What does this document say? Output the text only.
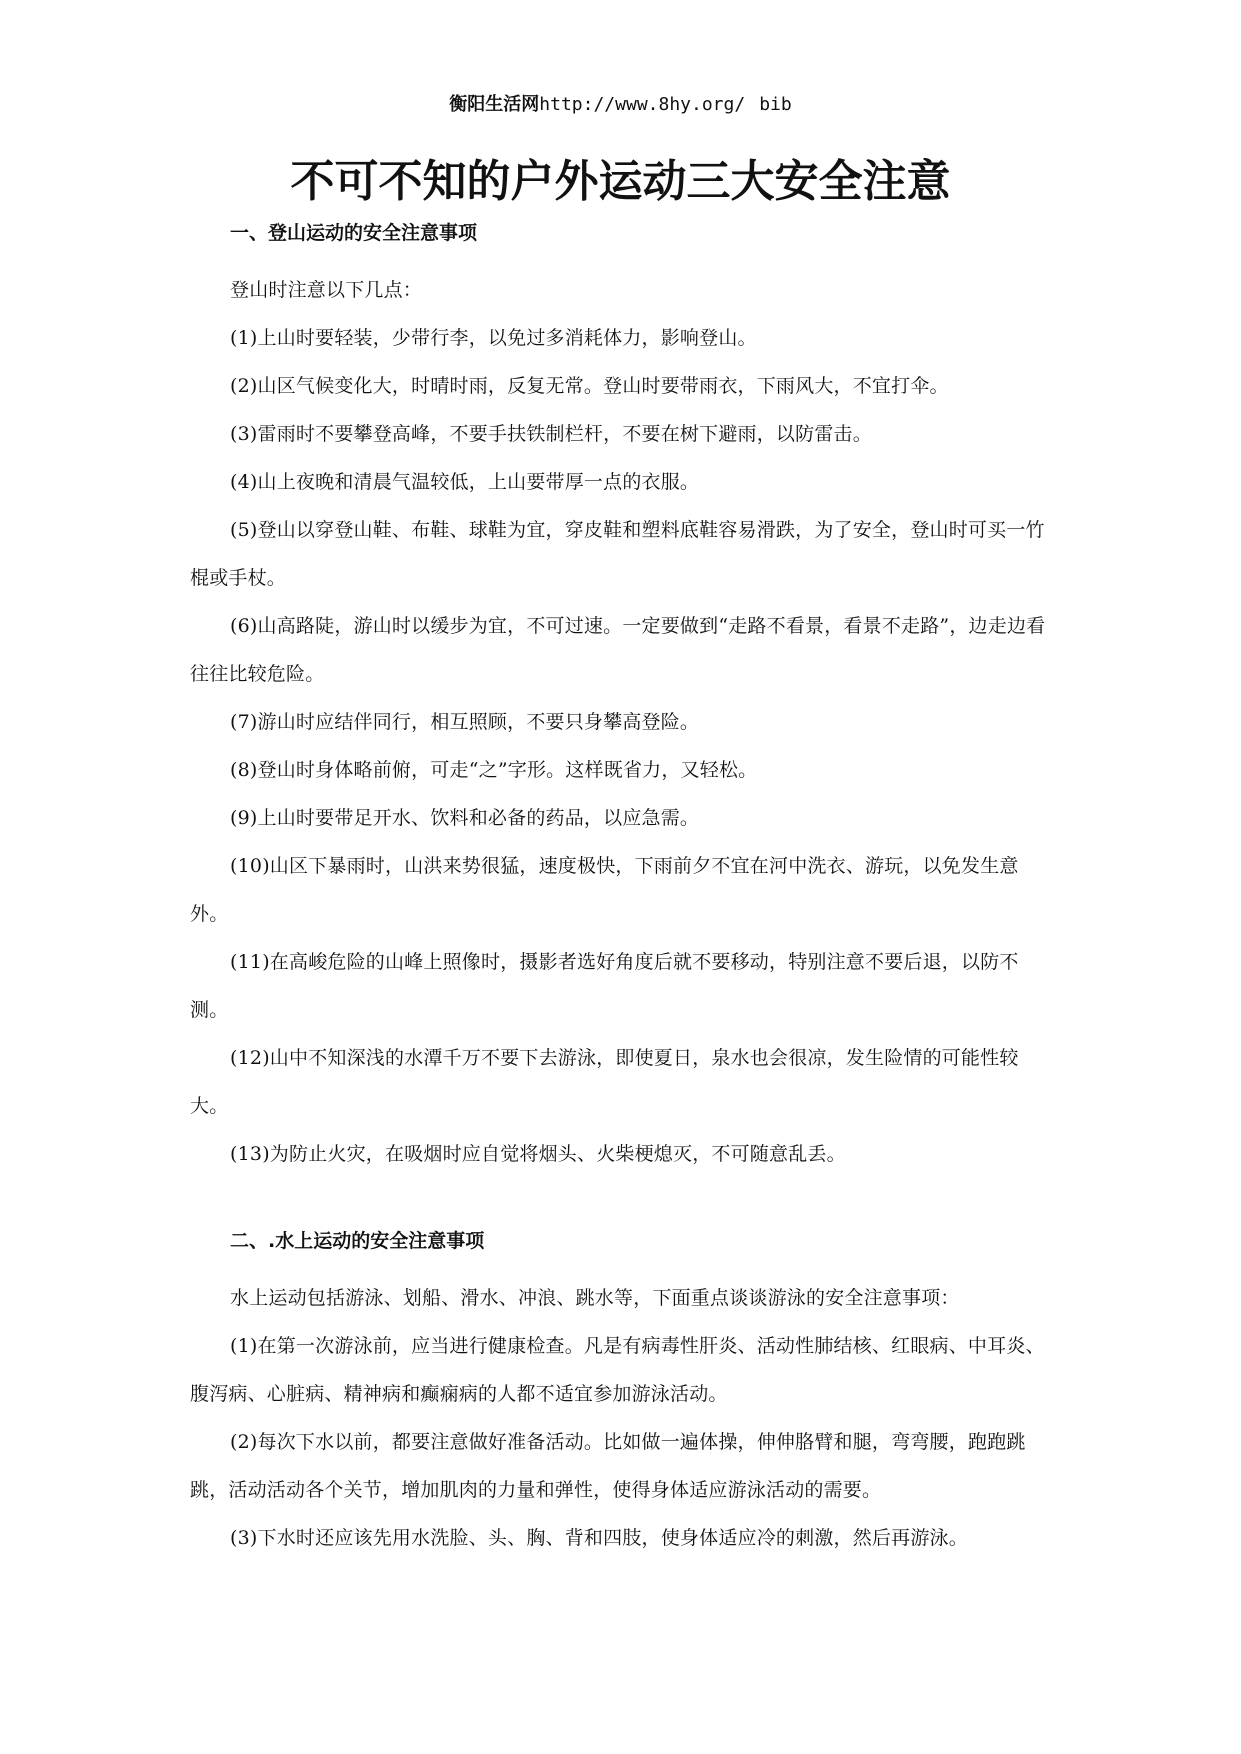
衡阳生活网http://www.8hy.org/ bib
不可不知的户外运动三大安全注意
一、登山运动的安全注意事项

登山时注意以下几点：

(1)上山时要轻装，少带行李，以免过多消耗体力，影响登山。

(2)山区气候变化大，时晴时雨，反复无常。登山时要带雨衣，下雨风大，不宜打伞。

(3)雷雨时不要攀登高峰，不要手扶铁制栏杆，不要在树下避雨，以防雷击。

(4)山上夜晚和清晨气温较低，上山要带厚一点的衣服。

(5)登山以穿登山鞋、布鞋、球鞋为宜，穿皮鞋和塑料底鞋容易滑跌，为了安全，登山时可买一竹棍或手杖。

(6)山高路陡，游山时以缓步为宜，不可过速。一定要做到“走路不看景，看景不走路”，边走边看往往比较危险。

(7)游山时应结伴同行，相互照顾，不要只身攀高登险。

(8)登山时身体略前俯，可走“之”字形。这样既省力，又轻松。

(9)上山时要带足开水、饮料和必备的药品，以应急需。

(10)山区下暴雨时，山洪来势很猛，速度极快，下雨前夕不宜在河中洗衣、游玩，以免发生意外。

(11)在高峻危险的山峰上照像时，摄影者选好角度后就不要移动，特别注意不要后退，以防不测。

(12)山中不知深浅的水潭千万不要下去游泳，即使夏日，泉水也会很凉，发生险情的可能性较大。

(13)为防止火灾，在吸烟时应自觉将烟头、火柴梗熄灭，不可随意乱丢。

二、.水上运动的安全注意事项

水上运动包括游泳、划船、滑水、冲浪、跳水等，下面重点谈谈游泳的安全注意事项：

(1)在第一次游泳前，应当进行健康检查。凡是有病毒性肝炎、活动性肺结核、红眼病、中耳炎、腹泻病、心脏病、精神病和癫痫病的人都不适宜参加游泳活动。

(2)每次下水以前，都要注意做好准备活动。比如做一遍体操，伸伸胳臂和腿，弯弯腰，跑跑跳跳，活动活动各个关节，增加肌肉的力量和弹性，使得身体适应游泳活动的需要。

(3)下水时还应该先用水洗脸、头、胸、背和四肢，使身体适应冷的刺激，然后再游泳。
